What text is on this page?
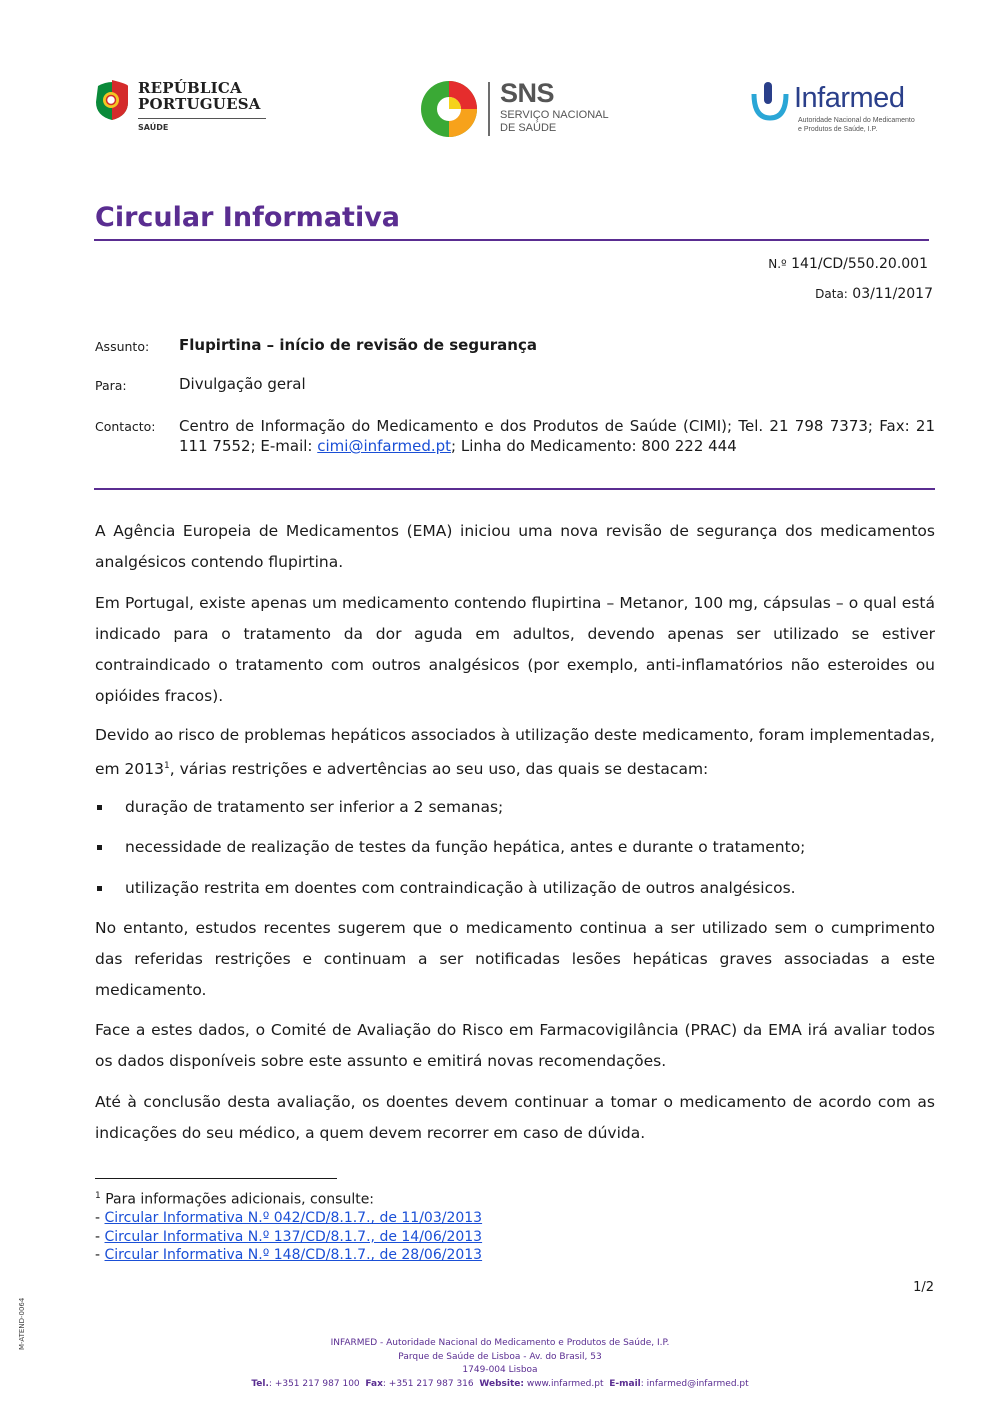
REPÚBLICA
PORTUGUESA
SAÚDE
SNS
SERVIÇO NACIONAL
DE SAÚDE
Infarmed
Autoridade Nacional do Medicamento
e Produtos de Saúde, I.P.
Circular Informativa
N.º 141/CD/550.20.001
Data: 03/11/2017
Assunto: Flupirtina – início de revisão de segurança
Para:	Divulgação geral
Contacto: Centro de Informação do Medicamento e dos Produtos de Saúde (CIMI); Tel. 21 798 7373; Fax: 21 111 7552; E-mail: cimi@infarmed.pt; Linha do Medicamento: 800 222 444
A Agência Europeia de Medicamentos (EMA) iniciou uma nova revisão de segurança dos medicamentos analgésicos contendo flupirtina.
Em Portugal, existe apenas um medicamento contendo flupirtina – Metanor, 100 mg, cápsulas – o qual está indicado para o tratamento da dor aguda em adultos, devendo apenas ser utilizado se estiver contraindicado o tratamento com outros analgésicos (por exemplo, anti-inflamatórios não esteroides ou opióides fracos).
Devido ao risco de problemas hepáticos associados à utilização deste medicamento, foram implementadas, em 2013$^1$, várias restrições e advertências ao seu uso, das quais se destacam:
duração de tratamento ser inferior a 2 semanas;
necessidade de realização de testes da função hepática, antes e durante o tratamento;
utilização restrita em doentes com contraindicação à utilização de outros analgésicos.
No entanto, estudos recentes sugerem que o medicamento continua a ser utilizado sem o cumprimento das referidas restrições e continuam a ser notificadas lesões hepáticas graves associadas a este medicamento.
Face a estes dados, o Comité de Avaliação do Risco em Farmacovigilância (PRAC) da EMA irá avaliar todos os dados disponíveis sobre este assunto e emitirá novas recomendações.
Até à conclusão desta avaliação, os doentes devem continuar a tomar o medicamento de acordo com as indicações do seu médico, a quem devem recorrer em caso de dúvida.
$^1$ Para informações adicionais, consulte:
- Circular Informativa N.º 042/CD/8.1.7., de 11/03/2013
- Circular Informativa N.º 137/CD/8.1.7., de 14/06/2013
- Circular Informativa N.º 148/CD/8.1.7., de 28/06/2013
1/2
M-ATEND-0064	INFARMED - Autoridade Nacional do Medicamento e Produtos de Saúde, I.P.
Parque de Saúde de Lisboa - Av. do Brasil, 53
1749-004 Lisboa
Tel.: +351 217 987 100 Fax: +351 217 987 316 Website: www.infarmed.pt E-mail: infarmed@infarmed.pt
